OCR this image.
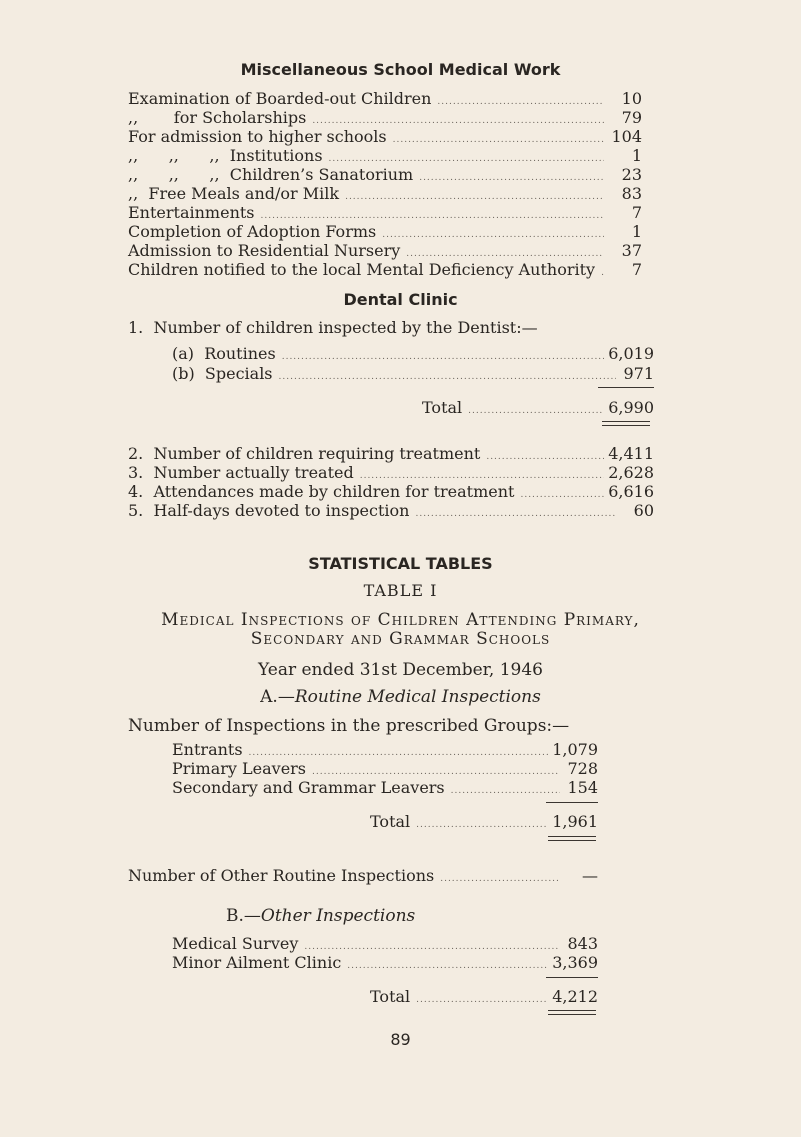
Miscellaneous School Medical Work
Examination of Boarded-out Children .....	10
,,       for Scholarships .....	79
For admission to higher schools .....	104
,,      ,,      ,,  Institutions .....	1
,,      ,,      ,,  Children’s Sanatorium .....	23
,,  Free Meals and/or Milk .....	83
Entertainments .....	7
Completion of Adoption Forms .....	1
Admission to Residential Nursery .....	37
Children notified to the local Mental Deficiency Authority .....	7
Dental Clinic
1.  Number of children inspected by the Dentist:—
(a)  Routines .....	6,019
(b)  Specials .....	971
Total .....	6,990
2.  Number of children requiring treatment .....	4,411
3.  Number actually treated .....	2,628
4.  Attendances made by children for treatment .....	6,616
5.  Half-days devoted to inspection .....	60
STATISTICAL TABLES
TABLE I
Medical Inspections of Children Attending Primary,
Secondary and Grammar Schools
Year ended 31st December, 1946
A.—Routine Medical Inspections
Number of Inspections in the prescribed Groups:—
Entrants .....	1,079
Primary Leavers .....	728
Secondary and Grammar Leavers .....	154
Total .....	1,961
Number of Other Routine Inspections .....	—
B.—Other Inspections
Medical Survey .....	843
Minor Ailment Clinic .....	3,369
Total .....	4,212
89
